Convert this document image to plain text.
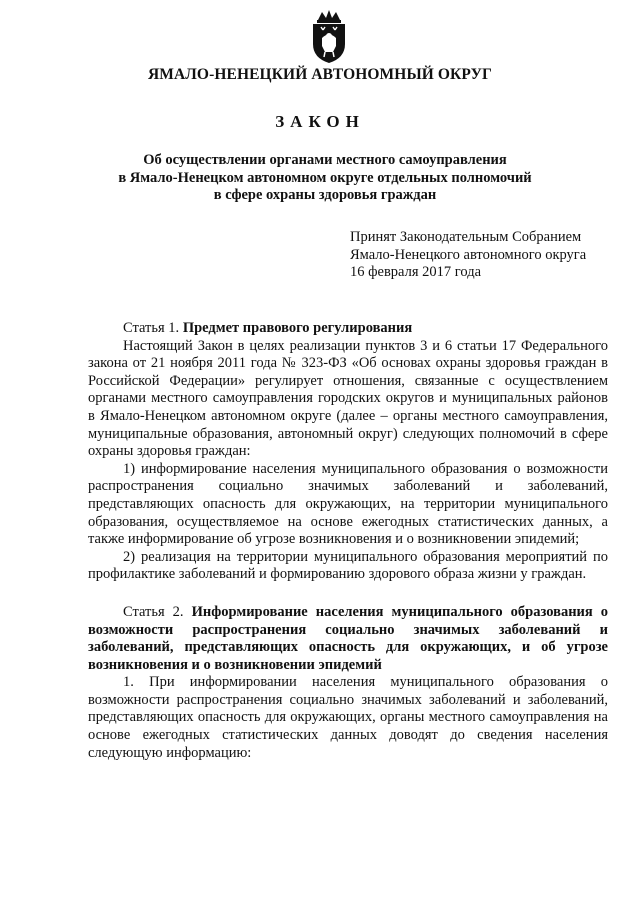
ЯМАЛО-НЕНЕЦКИЙ АВТОНОМНЫЙ ОКРУГ
ЗАКОН
Об осуществлении органами местного самоуправления
в Ямало-Ненецком автономном округе отдельных полномочий
в сфере охраны здоровья граждан
Принят Законодательным Собранием
Ямало-Ненецкого автономного округа
16 февраля 2017 года
Статья 1. Предмет правового регулирования

Настоящий Закон в целях реализации пунктов 3 и 6 статьи 17 Федерального закона от 21 ноября 2011 года № 323-ФЗ «Об основах охраны здоровья граждан в Российской Федерации» регулирует отношения, связанные с осуществлением органами местного самоуправления городских округов и муниципальных районов в Ямало-Ненецком автономном округе (далее – органы местного самоуправления, муниципальные образования, автономный округ) следующих полномочий в сфере охраны здоровья граждан:

1) информирование населения муниципального образования о возможности распространения социально значимых заболеваний и заболеваний, представляющих опасность для окружающих, на территории муниципального образования, осуществляемое на основе ежегодных статистических данных, а также информирование об угрозе возникновения и о возникновении эпидемий;

2) реализация на территории муниципального образования мероприятий по профилактике заболеваний и формированию здорового образа жизни у граждан.

Статья 2. Информирование населения муниципального образования о возможности распространения социально значимых заболеваний и заболеваний, представляющих опасность для окружающих, и об угрозе возникновения и о возникновении эпидемий

1. При информировании населения муниципального образования о возможности распространения социально значимых заболеваний и заболеваний, представляющих опасность для окружающих, органы местного самоуправления на основе ежегодных статистических данных доводят до сведения населения следующую информацию:
